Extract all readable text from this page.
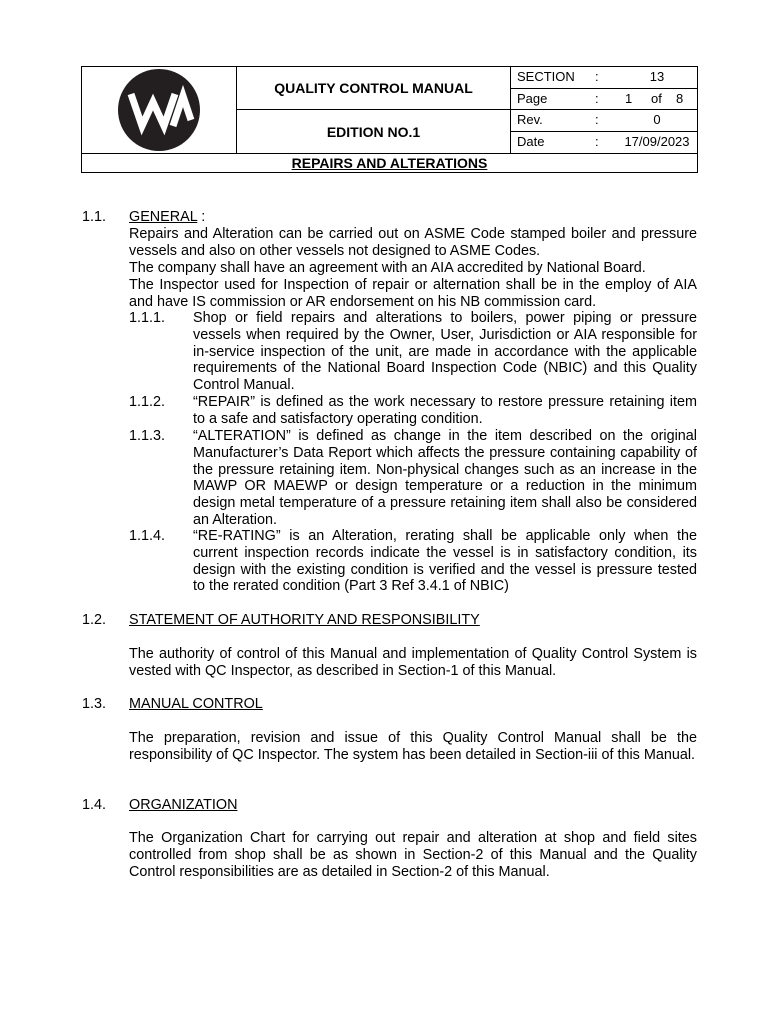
QUALITY CONTROL MANUAL
EDITION NO.1
SECTION :	13
Page	: 1 of 8
Rev.	:	0
Date	:	17/09/2023
REPAIRS AND ALTERATIONS
1.1. GENERAL :
Repairs and Alteration can be carried out on ASME Code stamped boiler and pressure vessels and also on other vessels not designed to ASME Codes.
The company shall have an agreement with an AIA accredited by National Board.
The Inspector used for Inspection of repair or alternation shall be in the employ of AIA and have IS commission or AR endorsement on his NB commission card.
1.1.1. Shop or field repairs and alterations to boilers, power piping or pressure vessels when required by the Owner, User, Jurisdiction or AIA responsible for in-service inspection of the unit, are made in accordance with the applicable requirements of the National Board Inspection Code (NBIC) and this Quality Control Manual.
1.1.2. “REPAIR” is defined as the work necessary to restore pressure retaining item to a safe and satisfactory operating condition.
1.1.3. “ALTERATION” is defined as change in the item described on the original Manufacturer’s Data Report which affects the pressure containing capability of the pressure retaining item. Non-physical changes such as an increase in the MAWP OR MAEWP or design temperature or a reduction in the minimum design metal temperature of a pressure retaining item shall also be considered an Alteration.
1.1.4. “RE-RATING” is an Alteration, rerating shall be applicable only when the current inspection records indicate the vessel is in satisfactory condition, its design with the existing condition is verified and the vessel is pressure tested to the rerated condition (Part 3 Ref 3.4.1 of NBIC)
1.2. STATEMENT OF AUTHORITY AND RESPONSIBILITY
The authority of control of this Manual and implementation of Quality Control System is vested with QC Inspector, as described in Section-1 of this Manual.
1.3. MANUAL CONTROL
The preparation, revision and issue of this Quality Control Manual shall be the responsibility of QC Inspector. The system has been detailed in Section-iii of this Manual.
1.4. ORGANIZATION
The Organization Chart for carrying out repair and alteration at shop and field sites controlled from shop shall be as shown in Section-2 of this Manual and the Quality Control responsibilities are as detailed in Section-2 of this Manual.
